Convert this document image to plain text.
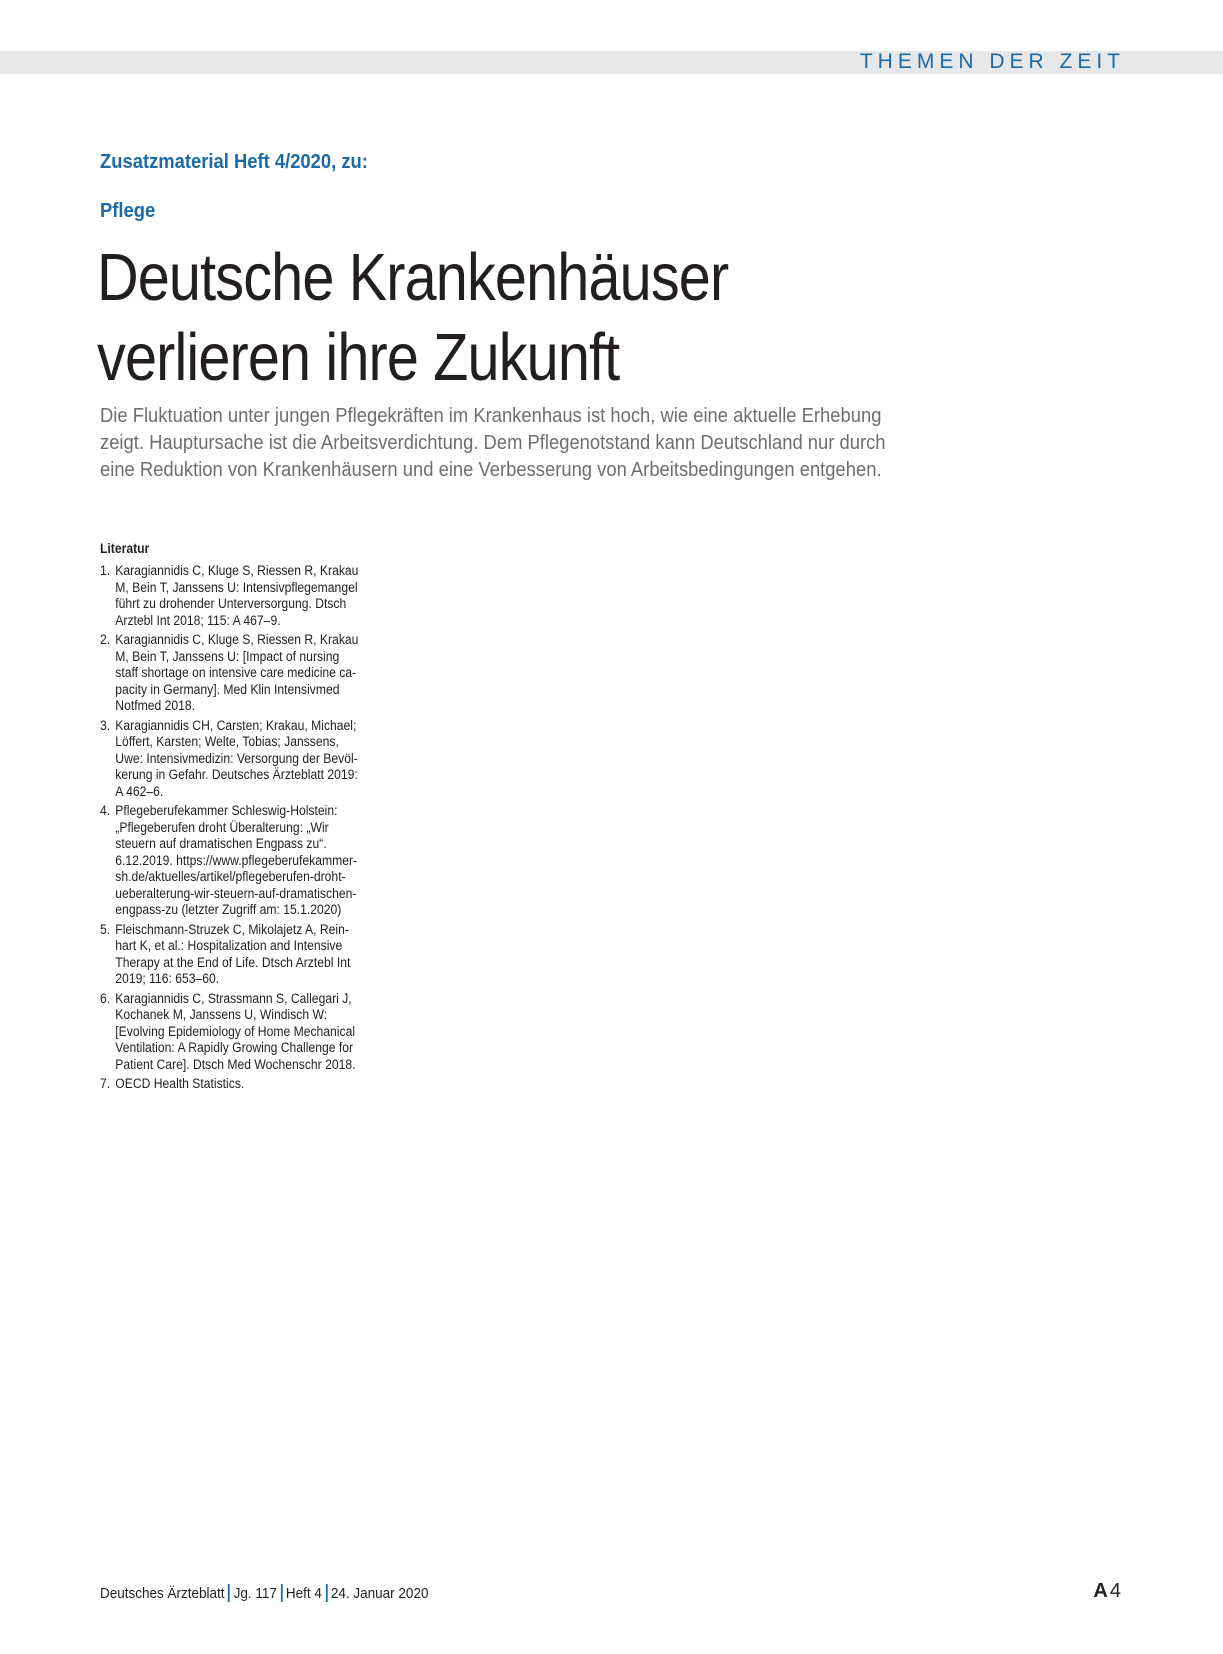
THEMEN DER ZEIT
Zusatzmaterial Heft 4/2020, zu:
Pflege
Deutsche Krankenhäuser
verlieren ihre Zukunft

Die Fluktuation unter jungen Pflegekräften im Krankenhaus ist hoch, wie eine aktuelle Erhebung
zeigt. Hauptursache ist die Arbeitsverdichtung. Dem Pflegenotstand kann Deutschland nur durch
eine Reduktion von Krankenhäusern und eine Verbesserung von Arbeitsbedingungen entgehen.

Literatur
1. Karagiannidis C, Kluge S, Riessen R, Krakau
M, Bein T, Janssens U: Intensivpflegemangel
führt zu drohender Unterversorgung. Dtsch
Arztebl Int 2018; 115: A 467–9.
2. Karagiannidis C, Kluge S, Riessen R, Krakau
M, Bein T, Janssens U: [Impact of nursing
staff shortage on intensive care medicine ca-
pacity in Germany]. Med Klin Intensivmed
Notfmed 2018.
3. Karagiannidis CH, Carsten; Krakau, Michael;
Löffert, Karsten; Welte, Tobias; Janssens,
Uwe: Intensivmedizin: Versorgung der Bevöl-
kerung in Gefahr. Deutsches Ärzteblatt 2019:
A 462–6.
4. Pflegeberufekammer Schleswig-Holstein:
„Pflegeberufen droht Überalterung: „Wir
steuern auf dramatischen Engpass zu“.
6.12.2019. https://www.pflegeberufekammer-
sh.de/aktuelles/artikel/pflegeberufen-droht-
ueberalterung-wir-steuern-auf-dramatischen-
engpass-zu (letzter Zugriff am: 15.1.2020)
5. Fleischmann-Struzek C, Mikolajetz A, Rein-
hart K, et al.: Hospitalization and Intensive
Therapy at the End of Life. Dtsch Arztebl Int
2019; 116: 653–60.
6. Karagiannidis C, Strassmann S, Callegari J,
Kochanek M, Janssens U, Windisch W:
[Evolving Epidemiology of Home Mechanical
Ventilation: A Rapidly Growing Challenge for
Patient Care]. Dtsch Med Wochenschr 2018.
7. OECD Health Statistics.
Deutsches Ärzteblatt Jg. 117 Heft 4 24. Januar 2020	A 4
